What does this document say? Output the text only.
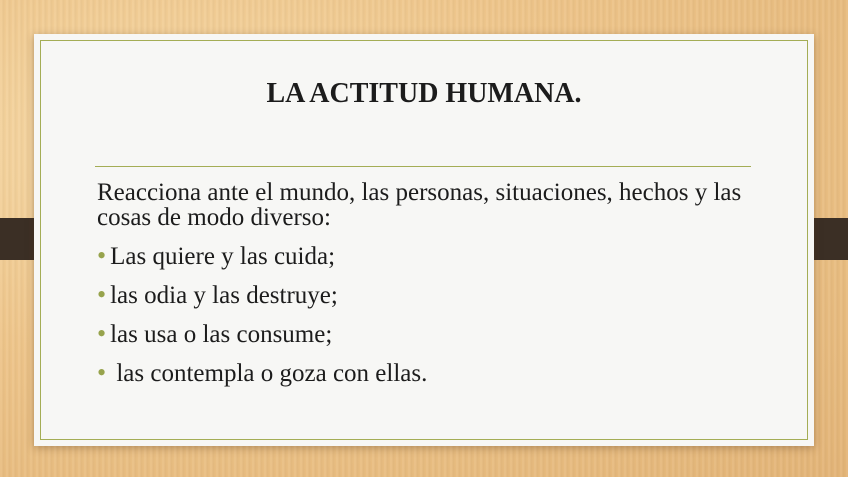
LA ACTITUD HUMANA.
Reacciona ante el mundo, las personas, situaciones, hechos y las cosas de modo diverso:
• Las quiere y las cuida;
• las odia y las destruye;
• las usa o las consume;
• las contempla o goza con ellas.
